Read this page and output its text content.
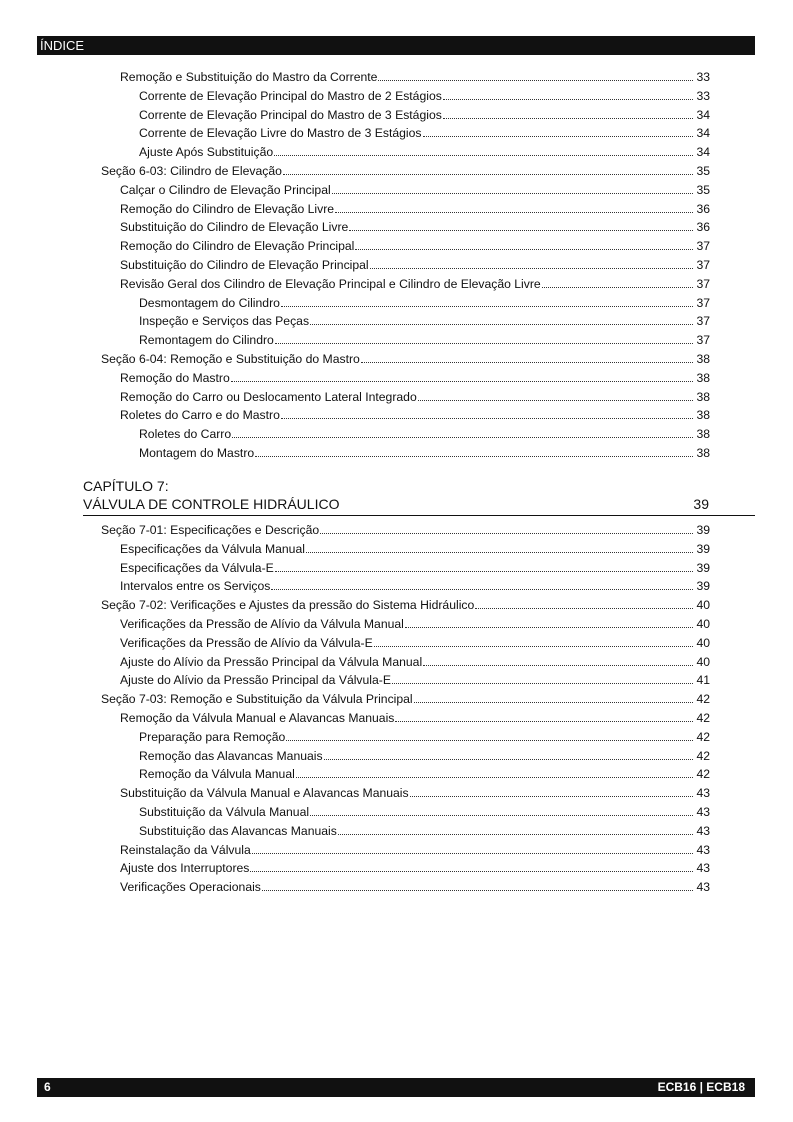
ÍNDICE
Remoção e Substituição do Mastro da Corrente	33
Corrente de Elevação Principal do Mastro de 2 Estágios	33
Corrente de Elevação Principal do Mastro de 3 Estágios	34
Corrente de Elevação Livre do Mastro de 3 Estágios	34
Ajuste Após Substituição	34
Seção 6-03: Cilindro de Elevação	35
Calçar o Cilindro de Elevação Principal	35
Remoção do Cilindro de Elevação Livre	36
Substituição do Cilindro de Elevação Livre	36
Remoção do Cilindro de Elevação Principal	37
Substituição do Cilindro de Elevação Principal	37
Revisão Geral dos Cilindro de Elevação Principal e Cilindro de Elevação Livre	37
Desmontagem do Cilindro	37
Inspeção e Serviços das Peças	37
Remontagem do Cilindro	37
Seção 6-04: Remoção e Substituição do Mastro	38
Remoção do Mastro	38
Remoção do Carro ou Deslocamento Lateral Integrado	38
Roletes do Carro e do Mastro	38
Roletes do Carro	38
Montagem do Mastro	38
CAPÍTULO 7:
VÁLVULA DE CONTROLE HIDRÁULICO	39
Seção 7-01: Especificações e Descrição	39
Especificações da Válvula Manual	39
Especificações da Válvula-E	39
Intervalos entre os Serviços	39
Seção 7-02: Verificações e Ajustes da pressão do Sistema Hidráulico	40
Verificações da Pressão de Alívio da Válvula Manual	40
Verificações da Pressão de Alívio da Válvula-E	40
Ajuste do Alívio da Pressão Principal da Válvula Manual	40
Ajuste do Alívio da Pressão Principal da Válvula-E	41
Seção 7-03: Remoção e Substituição da Válvula Principal	42
Remoção da Válvula Manual e Alavancas Manuais	42
Preparação para Remoção	42
Remoção das Alavancas Manuais	42
Remoção da Válvula Manual	42
Substituição da Válvula Manual e Alavancas Manuais	43
Substituição da Válvula Manual	43
Substituição das Alavancas Manuais	43
Reinstalação da Válvula	43
Ajuste dos Interruptores	43
Verificações Operacionais	43
6	ECB16 | ECB18
